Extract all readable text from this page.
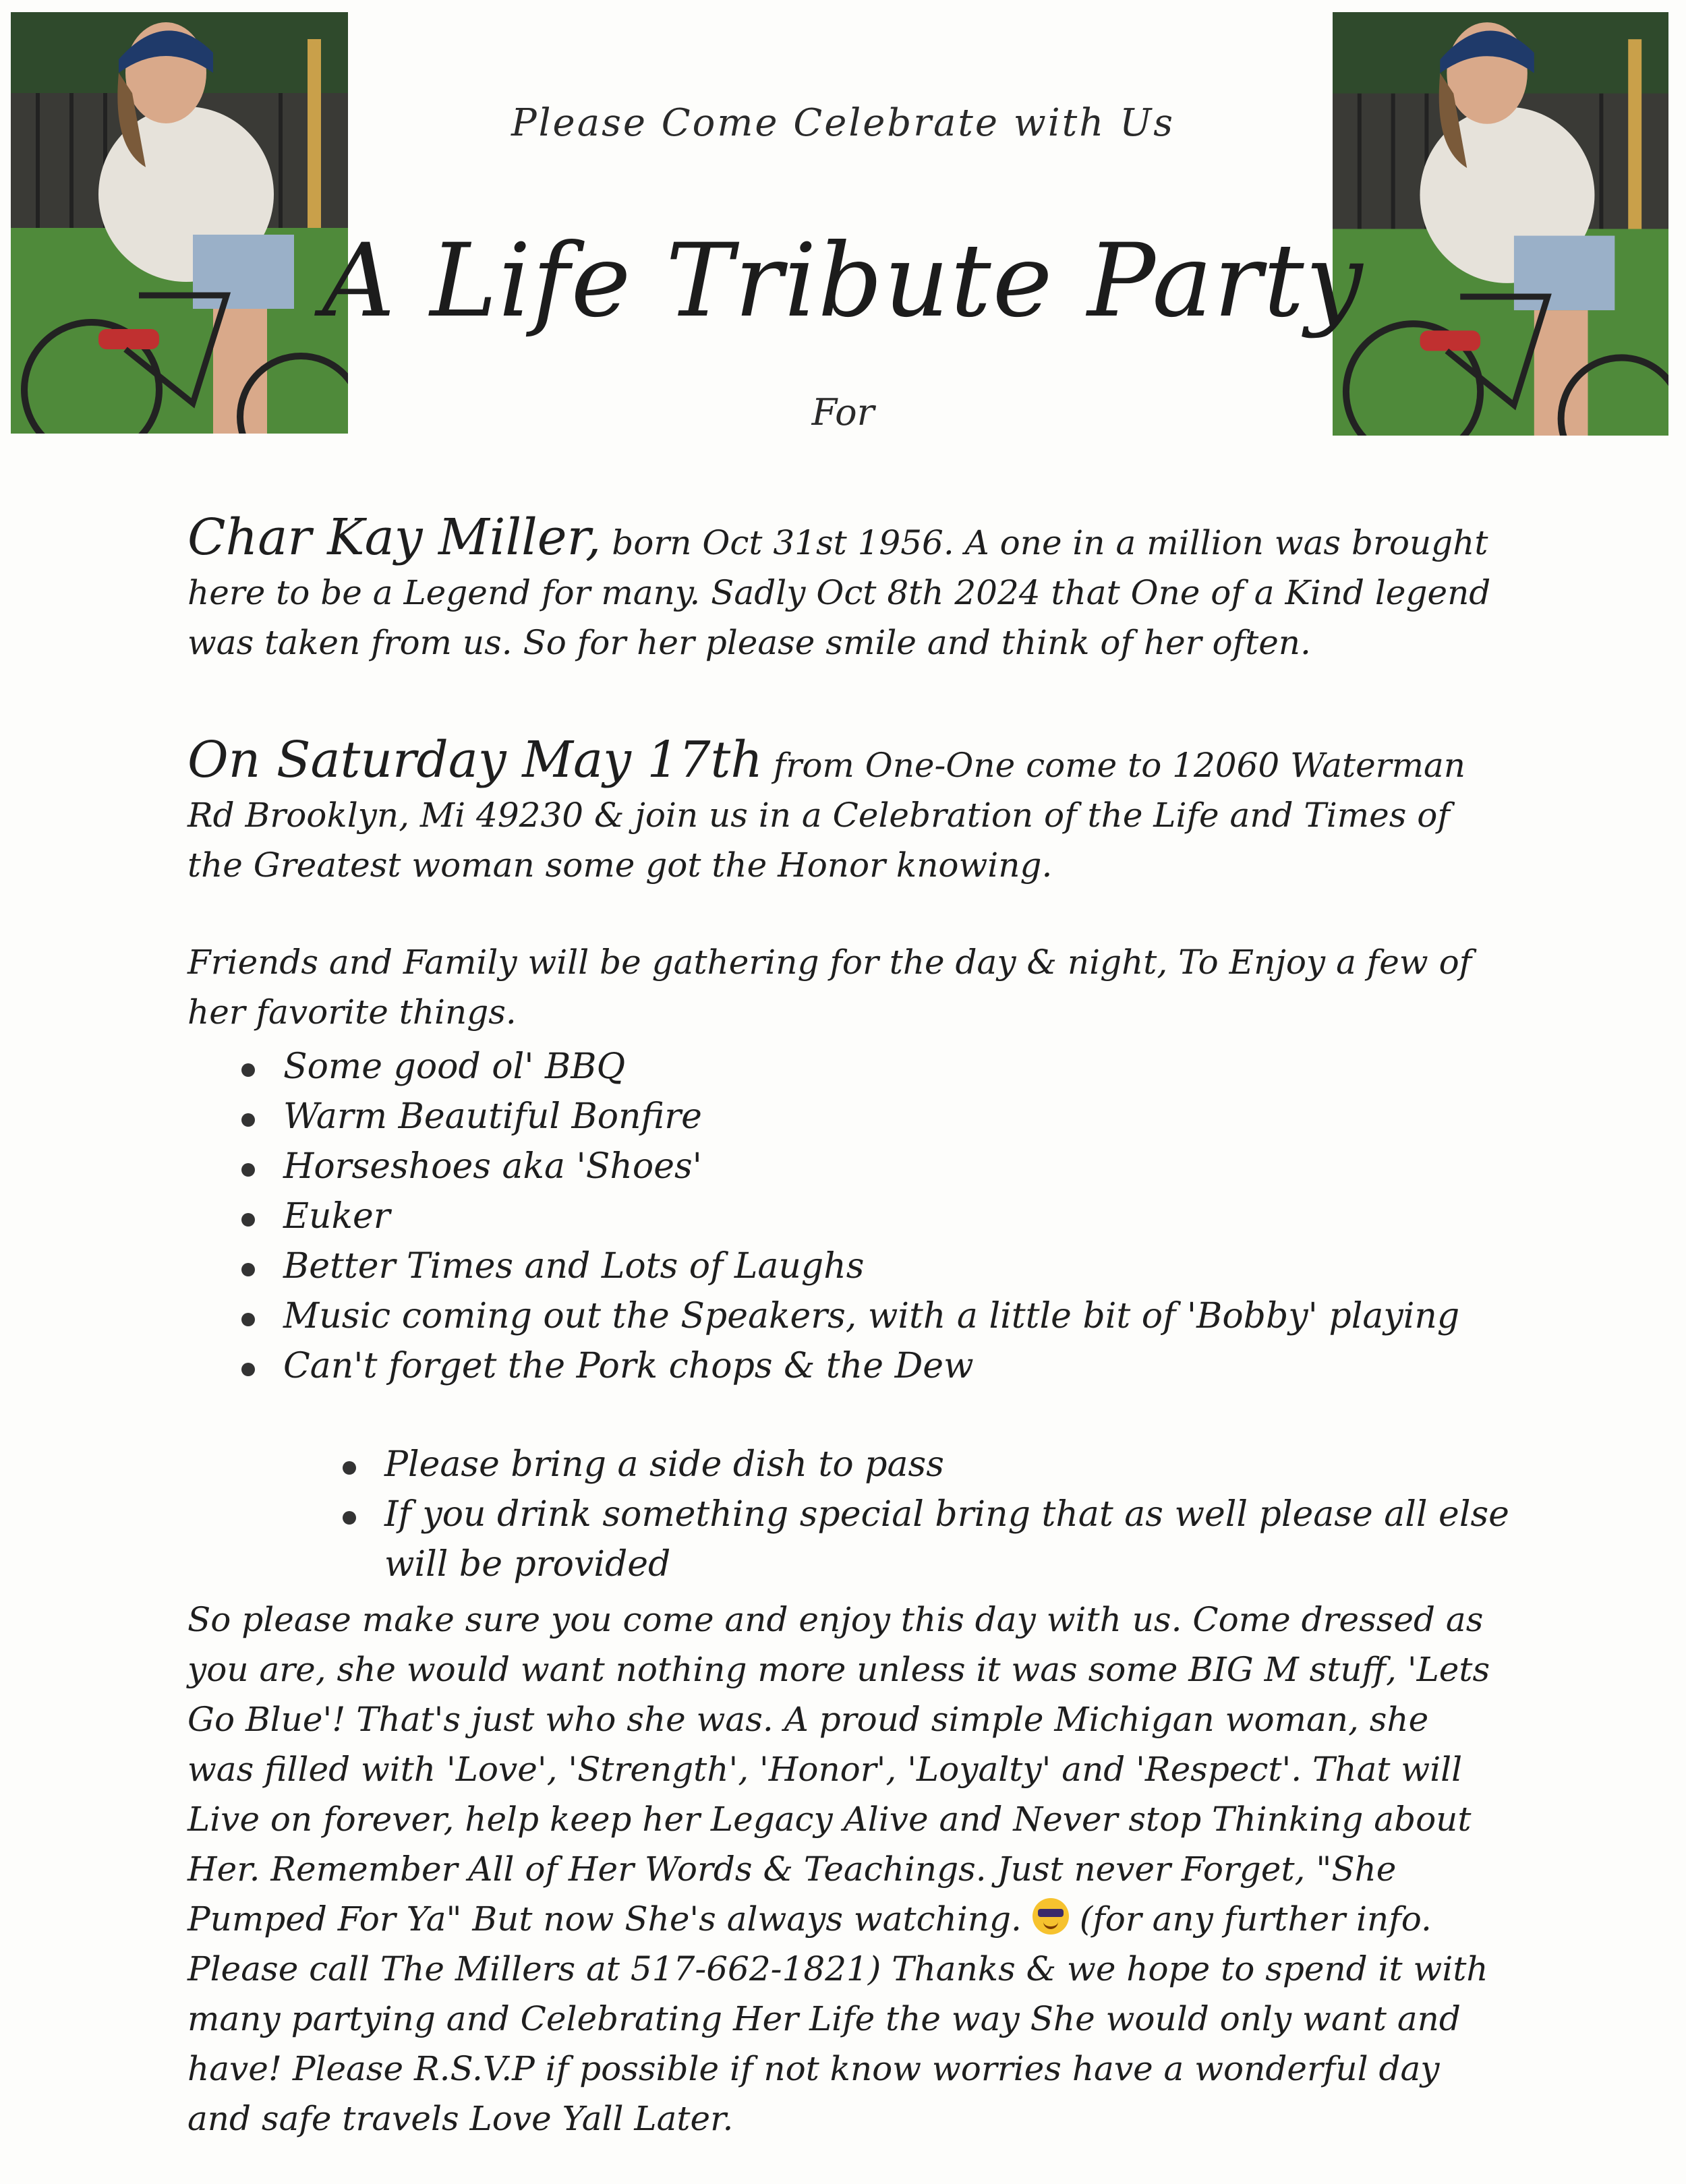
Please Come Celebrate with Us
A Life Tribute Party
For

Char Kay Miller, born Oct 31st 1956. A one in a million was brought here to be a Legend for many. Sadly Oct 8th 2024 that One of a Kind legend was taken from us. So for her please smile and think of her often.

On Saturday May 17th from One-One come to 12060 Waterman Rd Brooklyn, Mi 49230 & join us in a Celebration of the Life and Times of the Greatest woman some got the Honor knowing.

Friends and Family will be gathering for the day & night, To Enjoy a few of her favorite things.

Some good ol' BBQ
Warm Beautiful Bonfire
Horseshoes aka 'Shoes'
Euker
Better Times and Lots of Laughs
Music coming out the Speakers, with a little bit of 'Bobby' playing
Can't forget the Pork chops & the Dew
Please bring a side dish to pass
If you drink something special bring that as well please all else will be provided

So please make sure you come and enjoy this day with us. Come dressed as you are, she would want nothing more unless it was some BIG M stuff, 'Lets Go Blue'! That's just who she was. A proud simple Michigan woman, she was filled with 'Love', 'Strength', 'Honor', 'Loyalty' and 'Respect'. That will Live on forever, help keep her Legacy Alive and Never stop Thinking about Her. Remember All of Her Words & Teachings. Just never Forget, "She Pumped For Ya" But now She's always watching.  (for any further info. Please call The Millers at 517-662-1821) Thanks & we hope to spend it with many partying and Celebrating Her Life the way She would only want and have! Please R.S.V.P if possible if not know worries have a wonderful day and safe travels Love Yall Later.
